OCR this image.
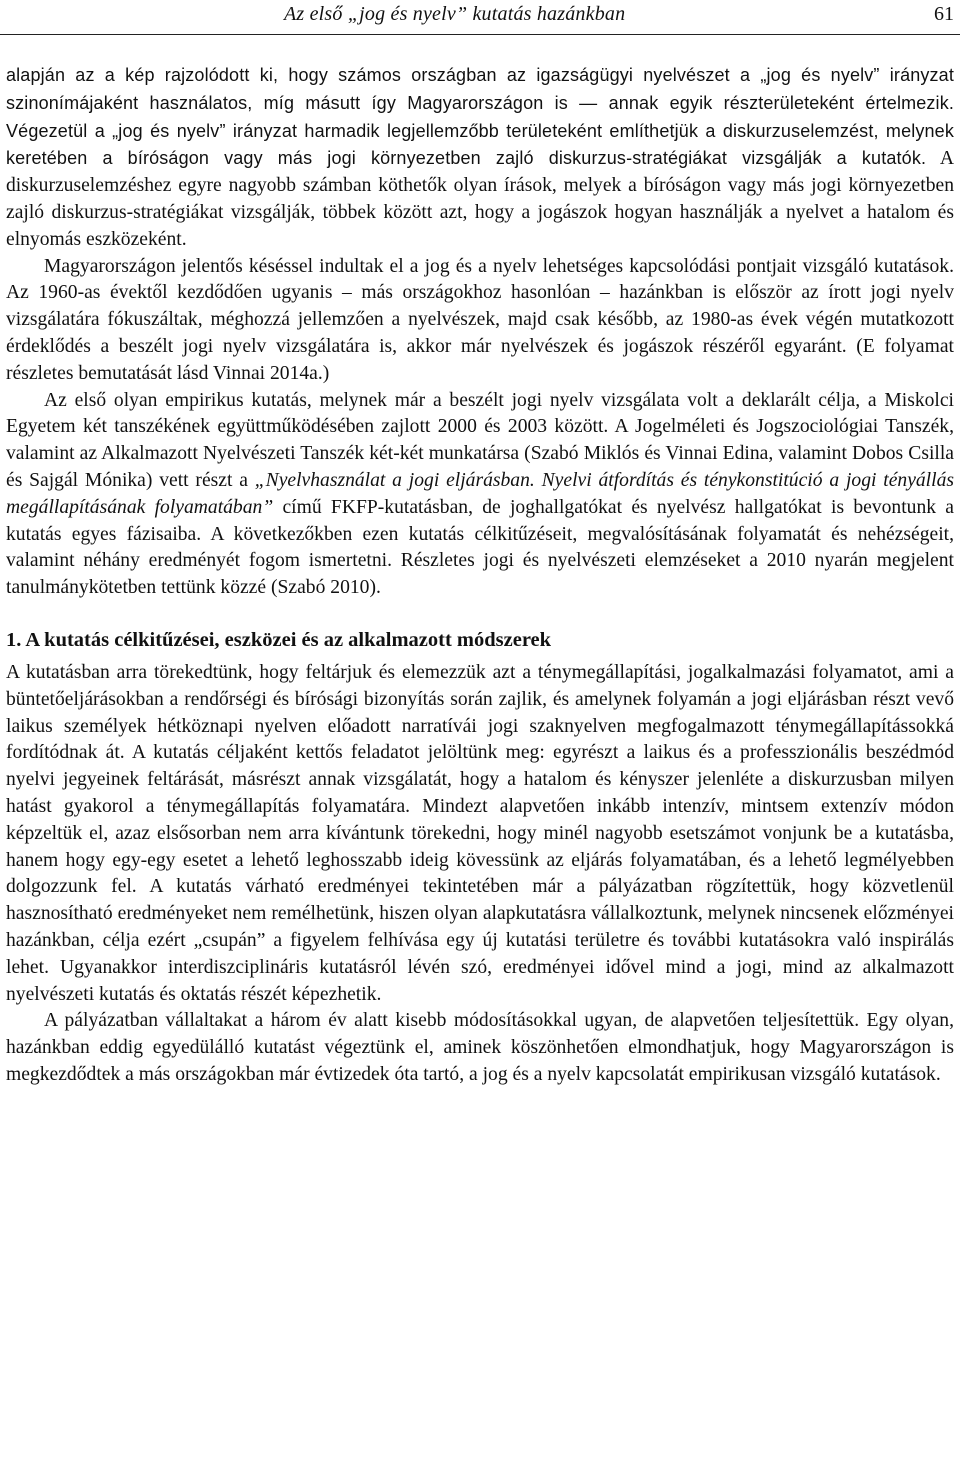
Az első „jog és nyelv” kutatás hazánkban	61

alapján az a kép rajzolódott ki, hogy számos országban az igazságügyi nyelvészet a „jog és nyelv” irányzat szinonímájaként használatos, míg másutt így Magyarországon is — annak egyik részterületeként értelmezik. Végezetül a „jog és nyelv” irányzat harmadik legjellemzőbb területeként említhetjük a diskurzuselemzést, melynek keretében a bíróságon vagy más jogi környezetben zajló diskurzus-stratégiákat vizsgálják a kutatók. A diskurzuselemzéshez egyre nagyobb számban köthetők olyan írások, melyek a bíróságon vagy más jogi környezetben zajló diskurzus-stratégiákat vizsgálják, többek között azt, hogy a jogászok hogyan használják a nyelvet a hatalom és elnyomás eszközeként.

Magyarországon jelentős késéssel indultak el a jog és a nyelv lehetséges kapcsolódási pontjait vizsgáló kutatások. Az 1960-as évektől kezdődően ugyanis – más országokhoz hasonlóan – hazánkban is először az írott jogi nyelv vizsgálatára fókuszáltak, méghozzá jellemzően a nyelvészek, majd csak később, az 1980-as évek végén mutatkozott érdeklődés a beszélt jogi nyelv vizsgálatára is, akkor már nyelvészek és jogászok részéről egyaránt. (E folyamat részletes bemutatását lásd Vinnai 2014a.)

Az első olyan empirikus kutatás, melynek már a beszélt jogi nyelv vizsgálata volt a deklarált célja, a Miskolci Egyetem két tanszékének együttműködésében zajlott 2000 és 2003 között. A Jogelméleti és Jogszociológiai Tanszék, valamint az Alkalmazott Nyelvészeti Tanszék két-két munkatársa (Szabó Miklós és Vinnai Edina, valamint Dobos Csilla és Sajgál Mónika) vett részt a „Nyelvhasználat a jogi eljárásban. Nyelvi átfordítás és ténykonstitúció a jogi tényállás megállapításának folyamatában” című FKFP-kutatásban, de joghallgatókat és nyelvész hallgatókat is bevontunk a kutatás egyes fázisaiba. A következőkben ezen kutatás célkitűzéseit, megvalósításának folyamatát és nehézségeit, valamint néhány eredményét fogom ismertetni. Részletes jogi és nyelvészeti elemzéseket a 2010 nyarán megjelent tanulmánykötetben tettünk közzé (Szabó 2010).

1. A kutatás célkitűzései, eszközei és az alkalmazott módszerek

A kutatásban arra törekedtünk, hogy feltárjuk és elemezzük azt a ténymegállapítási, jogalkalmazási folyamatot, ami a büntetőeljárásokban a rendőrségi és bírósági bizonyítás során zajlik, és amelynek folyamán a jogi eljárásban részt vevő laikus személyek hétköznapi nyelven előadott narratívái jogi szaknyelven megfogalmazott ténymegállapítássokká fordítódnak át. A kutatás céljaként kettős feladatot jelöltünk meg: egyrészt a laikus és a professzionális beszédmód nyelvi jegyeinek feltárását, másrészt annak vizsgálatát, hogy a hatalom és kényszer jelenléte a diskurzusban milyen hatást gyakorol a ténymegállapítás folyamatára. Mindezt alapvetően inkább intenzív, mintsem extenzív módon képzeltük el, azaz elsősorban nem arra kívántunk törekedni, hogy minél nagyobb esetszámot vonjunk be a kutatásba, hanem hogy egy-egy esetet a lehető leghosszabb ideig kövessünk az eljárás folyamatában, és a lehető legmélyebben dolgozzunk fel. A kutatás várható eredményei tekintetében már a pályázatban rögzítettük, hogy közvetlenül hasznosítható eredményeket nem remélhetünk, hiszen olyan alapkutatásra vállalkoztunk, melynek nincsenek előzményei hazánkban, célja ezért „csupán” a figyelem felhívása egy új kutatási területre és további kutatásokra való inspirálás lehet. Ugyanakkor interdiszciplináris kutatásról lévén szó, eredményei idővel mind a jogi, mind az alkalmazott nyelvészeti kutatás és oktatás részét képezhetik.

A pályázatban vállaltakat a három év alatt kisebb módosításokkal ugyan, de alapvetően teljesítettük. Egy olyan, hazánkban eddig egyedülálló kutatást végeztünk el, aminek köszönhetően elmondhatjuk, hogy Magyarországon is megkezdődtek a más országokban már évtizedek óta tartó, a jog és a nyelv kapcsolatát empirikusan vizsgáló kutatások.
